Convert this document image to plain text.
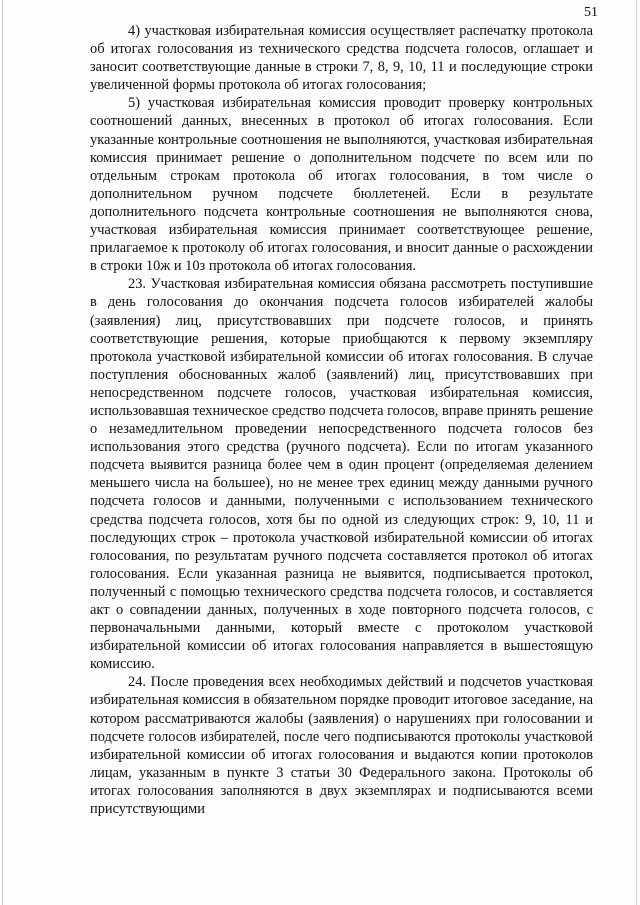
51

4) участковая избирательная комиссия осуществляет распечатку протокола об итогах голосования из технического средства подсчета голосов, оглашает и заносит соответствующие данные в строки 7, 8, 9, 10, 11 и последующие строки увеличенной формы протокола об итогах голосования;

5) участковая избирательная комиссия проводит проверку контрольных соотношений данных, внесенных в протокол об итогах голосования. Если указанные контрольные соотношения не выполняются, участковая избирательная комиссия принимает решение о дополнительном подсчете по всем или по отдельным строкам протокола об итогах голосования, в том числе о дополнительном ручном подсчете бюллетеней. Если в результате дополнительного подсчета контрольные соотношения не выполняются снова, участковая избирательная комиссия принимает соответствующее решение, прилагаемое к протоколу об итогах голосования, и вносит данные о расхождении в строки 10ж и 10з протокола об итогах голосования.

23. Участковая избирательная комиссия обязана рассмотреть поступившие в день голосования до окончания подсчета голосов избирателей жалобы (заявления) лиц, присутствовавших при подсчете голосов, и принять соответствующие решения, которые приобщаются к первому экземпляру протокола участковой избирательной комиссии об итогах голосования. В случае поступления обоснованных жалоб (заявлений) лиц, присутствовавших при непосредственном подсчете голосов, участковая избирательная комиссия, использовавшая техническое средство подсчета голосов, вправе принять решение о незамедлительном проведении непосредственного подсчета голосов без использования этого средства (ручного подсчета). Если по итогам указанного подсчета выявится разница более чем в один процент (определяемая делением меньшего числа на большее), но не менее трех единиц между данными ручного подсчета голосов и данными, полученными с использованием технического средства подсчета голосов, хотя бы по одной из следующих строк: 9, 10, 11 и последующих строк – протокола участковой избирательной комиссии об итогах голосования, по результатам ручного подсчета составляется протокол об итогах голосования. Если указанная разница не выявится, подписывается протокол, полученный с помощью технического средства подсчета голосов, и составляется акт о совпадении данных, полученных в ходе повторного подсчета голосов, с первоначальными данными, который вместе с протоколом участковой избирательной комиссии об итогах голосования направляется в вышестоящую комиссию.

24. После проведения всех необходимых действий и подсчетов участковая избирательная комиссия в обязательном порядке проводит итоговое заседание, на котором рассматриваются жалобы (заявления) о нарушениях при голосовании и подсчете голосов избирателей, после чего подписываются протоколы участковой избирательной комиссии об итогах голосования и выдаются копии протоколов лицам, указанным в пункте 3 статьи 30 Федерального закона. Протоколы об итогах голосования заполняются в двух экземплярах и подписываются всеми присутствующими
